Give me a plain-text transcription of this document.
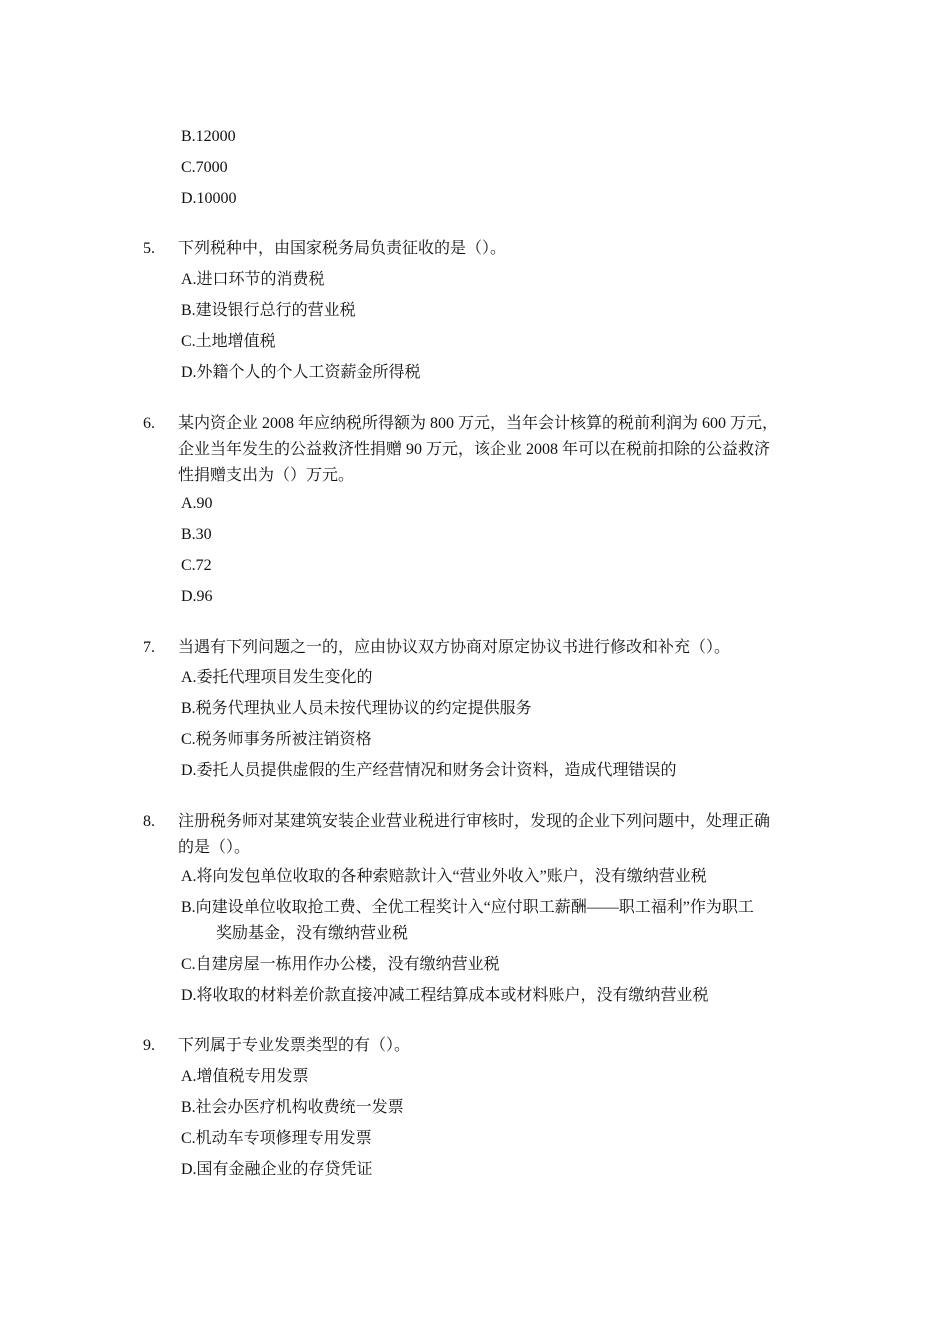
B.12000
C.7000
D.10000
5. 下列税种中，由国家税务局负责征收的是（）。
A.进口环节的消费税
B.建设银行总行的营业税
C.土地增值税
D.外籍个人的个人工资薪金所得税
6. 某内资企业 2008 年应纳税所得额为 800 万元，当年会计核算的税前利润为 600 万元，
企业当年发生的公益救济性捐赠 90 万元，该企业 2008 年可以在税前扣除的公益救济
性捐赠支出为（）万元。
A.90
B.30
C.72
D.96
7. 当遇有下列问题之一的，应由协议双方协商对原定协议书进行修改和补充（）。
A.委托代理项目发生变化的
B.税务代理执业人员未按代理协议的约定提供服务
C.税务师事务所被注销资格
D.委托人员提供虚假的生产经营情况和财务会计资料，造成代理错误的
8. 注册税务师对某建筑安装企业营业税进行审核时，发现的企业下列问题中，处理正确
的是（）。
A.将向发包单位收取的各种索赔款计入“营业外收入”账户，没有缴纳营业税
B.向建设单位收取抢工费、全优工程奖计入“应付职工薪酬——职工福利”作为职工
奖励基金，没有缴纳营业税
C.自建房屋一栋用作办公楼，没有缴纳营业税
D.将收取的材料差价款直接冲减工程结算成本或材料账户，没有缴纳营业税
9. 下列属于专业发票类型的有（）。
A.增值税专用发票
B.社会办医疗机构收费统一发票
C.机动车专项修理专用发票
D.国有金融企业的存贷凭证
